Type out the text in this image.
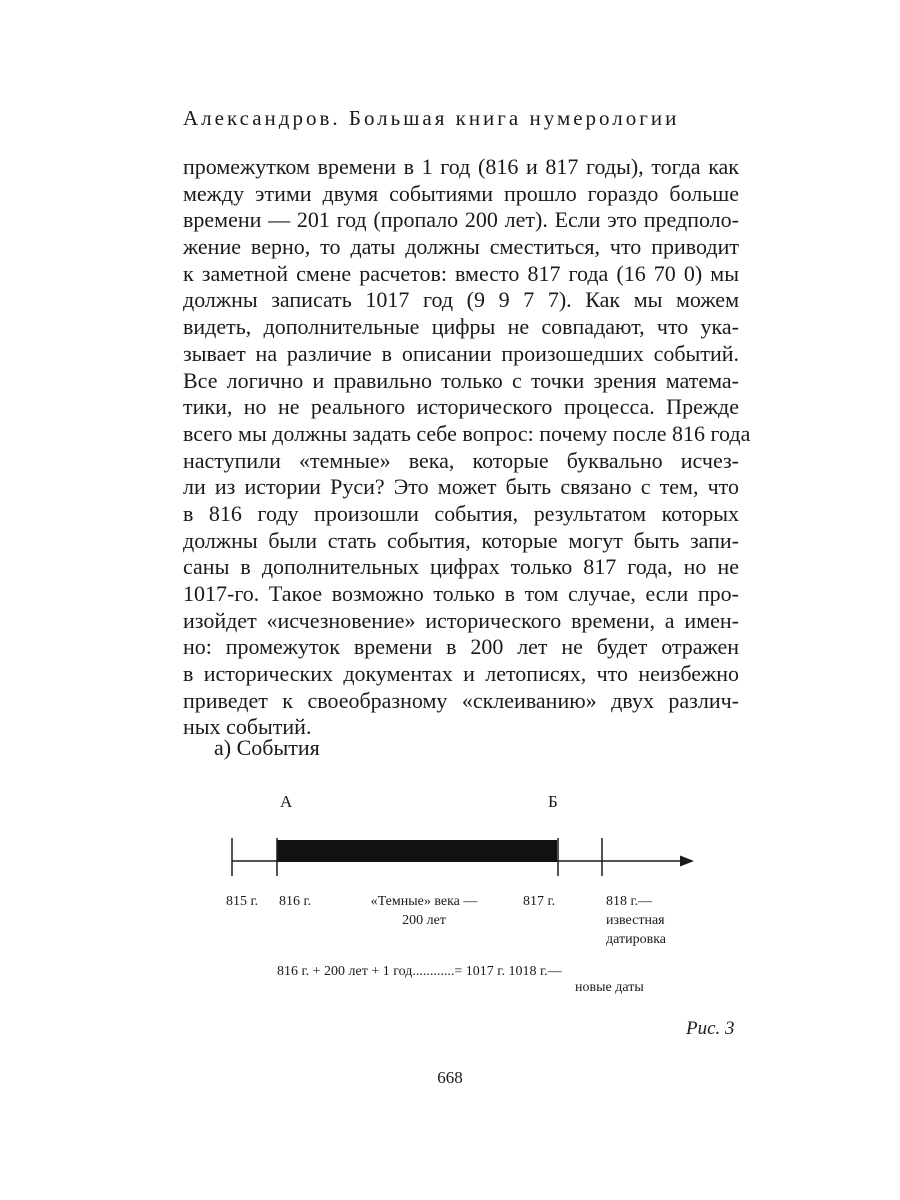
Александров. Большая книга нумерологии
промежутком времени в 1 год (816 и 817 годы), тогда как
между этими двумя событиями прошло гораздо больше
времени — 201 год (пропало 200 лет). Если это предполо-
жение верно, то даты должны сместиться, что приводит
к заметной смене расчетов: вместо 817 года (16 70 0) мы
должны записать 1017 год (9 9 7 7). Как мы можем
видеть, дополнительные цифры не совпадают, что ука-
зывает на различие в описании произошедших событий.
Все логично и правильно только с точки зрения матема-
тики, но не реального исторического процесса. Прежде
всего мы должны задать себе вопрос: почему после 816 года
наступили «темные» века, которые буквально исчез-
ли из истории Руси? Это может быть связано с тем, что
в 816 году произошли события, результатом которых
должны были стать события, которые могут быть запи-
саны в дополнительных цифрах только 817 года, но не
1017-го. Такое возможно только в том случае, если про-
изойдет «исчезновение» исторического времени, а имен-
но: промежуток времени в 200 лет не будет отражен
в исторических документах и летописях, что неизбежно
приведет к своеобразному «склеиванию» двух различ-
ных событий.
а) События
А	Б
815 г. 816 г.	«Темные» века —
200 лет
817 г.	818 г.—
известная
датировка
816 г. + 200 лет + 1 год............= 1017 г. 1018 г.—
новые даты
Рис. 3
668
